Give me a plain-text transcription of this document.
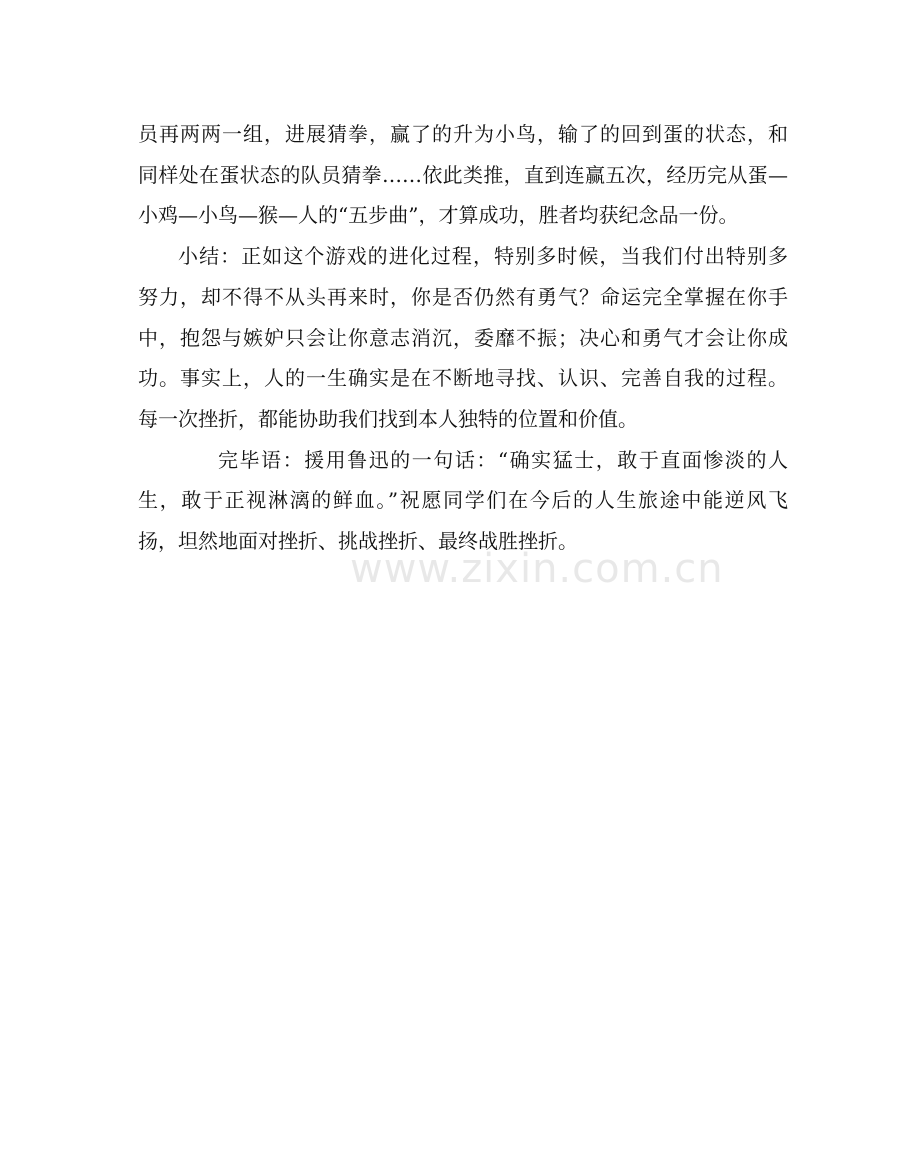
员再两两一组，进展猜拳，赢了的升为小鸟，输了的回到蛋的状态，和
同样处在蛋状态的队员猜拳……依此类推，直到连赢五次，经历完从蛋—
小鸡—小鸟—猴—人的“五步曲”，才算成功，胜者均获纪念品一份。

小结：正如这个游戏的进化过程，特别多时候，当我们付出特别多
努力，却不得不从头再来时，你是否仍然有勇气？命运完全掌握在你手
中，抱怨与嫉妒只会让你意志消沉，委靡不振；决心和勇气才会让你成
功。事实上，人的一生确实是在不断地寻找、认识、完善自我的过程。
每一次挫折，都能协助我们找到本人独特的位置和价值。

完毕语：援用鲁迅的一句话：“确实猛士，敢于直面惨淡的人
生，敢于正视淋漓的鲜血。”祝愿同学们在今后的人生旅途中能逆风飞
扬，坦然地面对挫折、挑战挫折、最终战胜挫折。

www.zixin.com.cn
